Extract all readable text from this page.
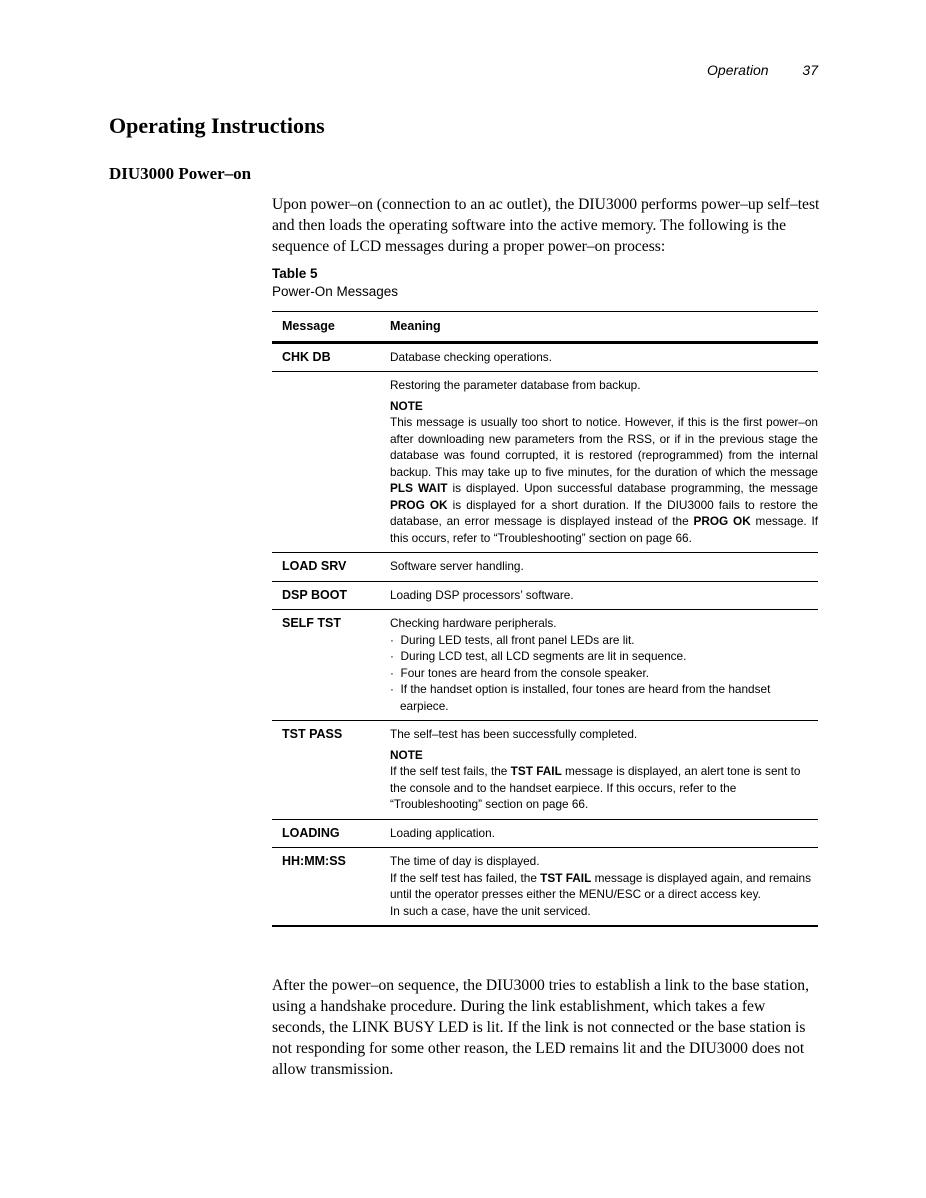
Operation 37
Operating Instructions
DIU3000 Power–on

Upon power–on (connection to an ac outlet), the DIU3000 performs power–up self–test and then loads the operating software into the active memory. The following is the sequence of LCD messages during a proper power–on process:

Table 5
Power-On Messages
Message	Meaning
CHK DB	Database checking operations.

	Restoring the parameter database from backup.
NOTE
This message is usually too short to notice. However, if this is the first power–on after downloading new parameters from the RSS, or if in the previous stage the database was found corrupted, it is restored (reprogrammed) from the internal backup. This may take up to five minutes, for the duration of which the message PLS WAIT is displayed. Upon successful database programming, the message PROG OK is displayed for a short duration. If the DIU3000 fails to restore the database, an error message is displayed instead of the PROG OK message. If this occurs, refer to “Troubleshooting” section on page 66.

LOAD SRV	Software server handling.
DSP BOOT	Loading DSP processors’ software.
SELF TST	Checking hardware peripherals.
·  During LED tests, all front panel LEDs are lit.
·  During LCD test, all LCD segments are lit in sequence.
·  Four tones are heard from the console speaker.
·  If the handset option is installed, four tones are heard from the handset earpiece.

TST PASS	The self–test has been successfully completed.
NOTE
If the self test fails, the TST FAIL message is displayed, an alert tone is sent to the console and to the handset earpiece. If this occurs, refer to the “Troubleshooting” section on page 66.

LOADING	Loading application.
HH:MM:SS	The time of day is displayed.
If the self test has failed, the TST FAIL message is displayed again, and remains until the operator presses either the MENU/ESC or a direct access key.
In such a case, have the unit serviced.

After the power–on sequence, the DIU3000 tries to establish a link to the base station, using a handshake procedure. During the link establishment, which takes a few seconds, the LINK BUSY LED is lit. If the link is not connected or the base station is not responding for some other reason, the LED remains lit and the DIU3000 does not allow transmission.
